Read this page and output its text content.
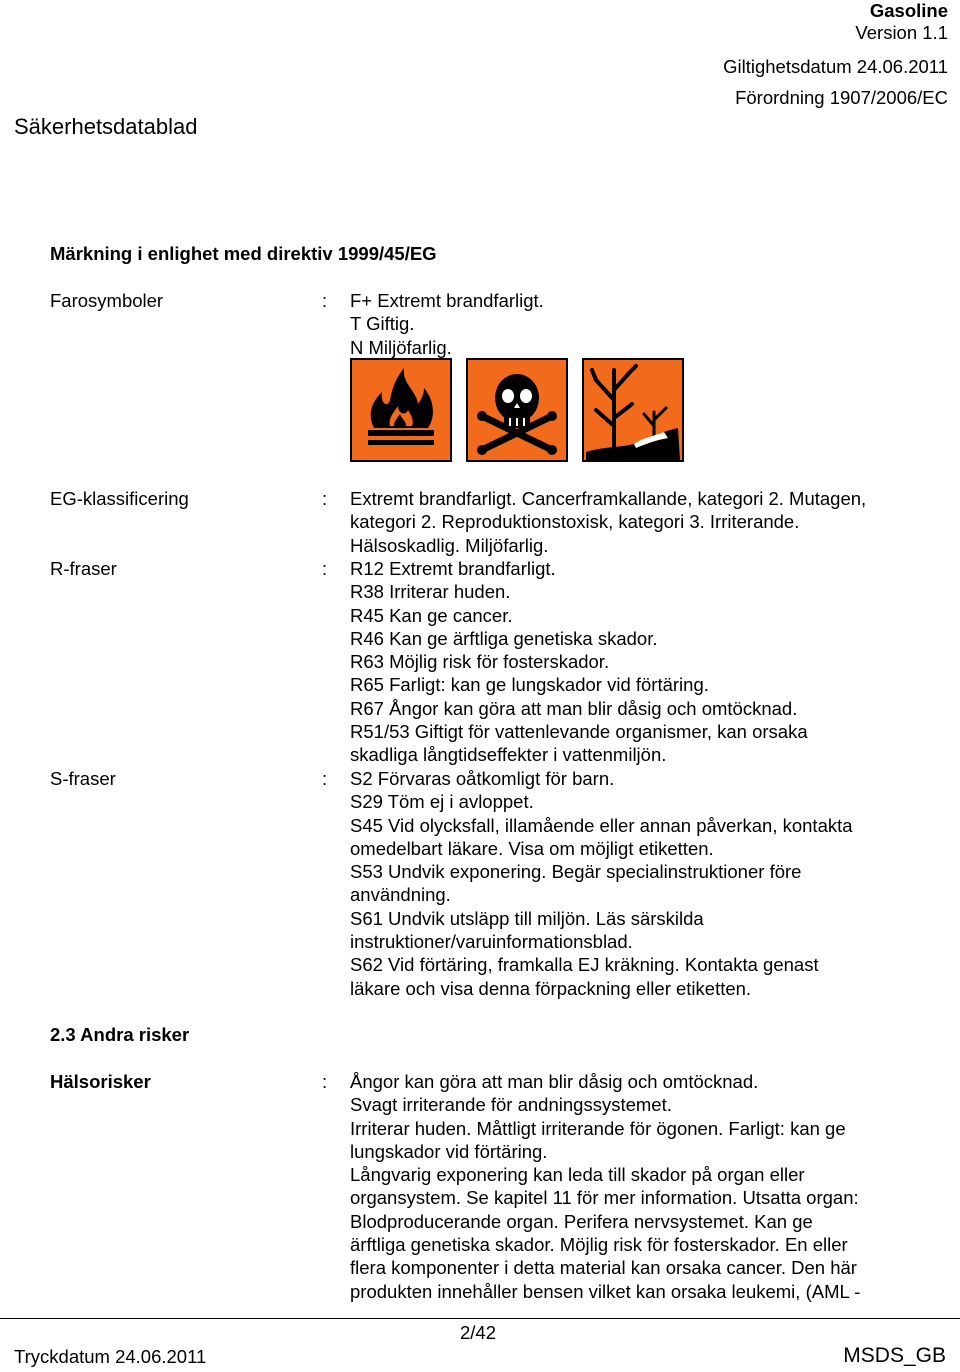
Gasoline
Version 1.1
Giltighetsdatum 24.06.2011
Förordning 1907/2006/EC
Säkerhetsdatablad
Märkning i enlighet med direktiv 1999/45/EG
Farosymboler	: F+ Extremt brandfarligt.
T Giftig.
N Miljöfarlig.
EG-klassificering	: Extremt brandfarligt. Cancerframkallande, kategori 2. Mutagen,
kategori 2. Reproduktionstoxisk, kategori 3. Irriterande.
Hälsoskadlig. Miljöfarlig.
R-fraser	: R12 Extremt brandfarligt.
R38 Irriterar huden.
R45 Kan ge cancer.
R46 Kan ge ärftliga genetiska skador.
R63 Möjlig risk för fosterskador.
R65 Farligt: kan ge lungskador vid förtäring.
R67 Ångor kan göra att man blir dåsig och omtöcknad.
R51/53 Giftigt för vattenlevande organismer, kan orsaka
skadliga långtidseffekter i vattenmiljön.
S-fraser	: S2 Förvaras oåtkomligt för barn.
S29 Töm ej i avloppet.
S45 Vid olycksfall, illamående eller annan påverkan, kontakta
omedelbart läkare. Visa om möjligt etiketten.
S53 Undvik exponering. Begär specialinstruktioner före
användning.
S61 Undvik utsläpp till miljön. Läs särskilda
instruktioner/varuinformationsblad.
S62 Vid förtäring, framkalla EJ kräkning. Kontakta genast
läkare och visa denna förpackning eller etiketten.
2.3 Andra risker
Hälsorisker	: Ångor kan göra att man blir dåsig och omtöcknad.
Svagt irriterande för andningssystemet.
Irriterar huden. Måttligt irriterande för ögonen. Farligt: kan ge
lungskador vid förtäring.
Långvarig exponering kan leda till skador på organ eller
organsystem. Se kapitel 11 för mer information. Utsatta organ:
Blodproducerande organ. Perifera nervsystemet. Kan ge
ärftliga genetiska skador. Möjlig risk för fosterskador. En eller
flera komponenter i detta material kan orsaka cancer. Den här
produkten innehåller bensen vilket kan orsaka leukemi, (AML -
2/42
Tryckdatum 24.06.2011	MSDS_GB
